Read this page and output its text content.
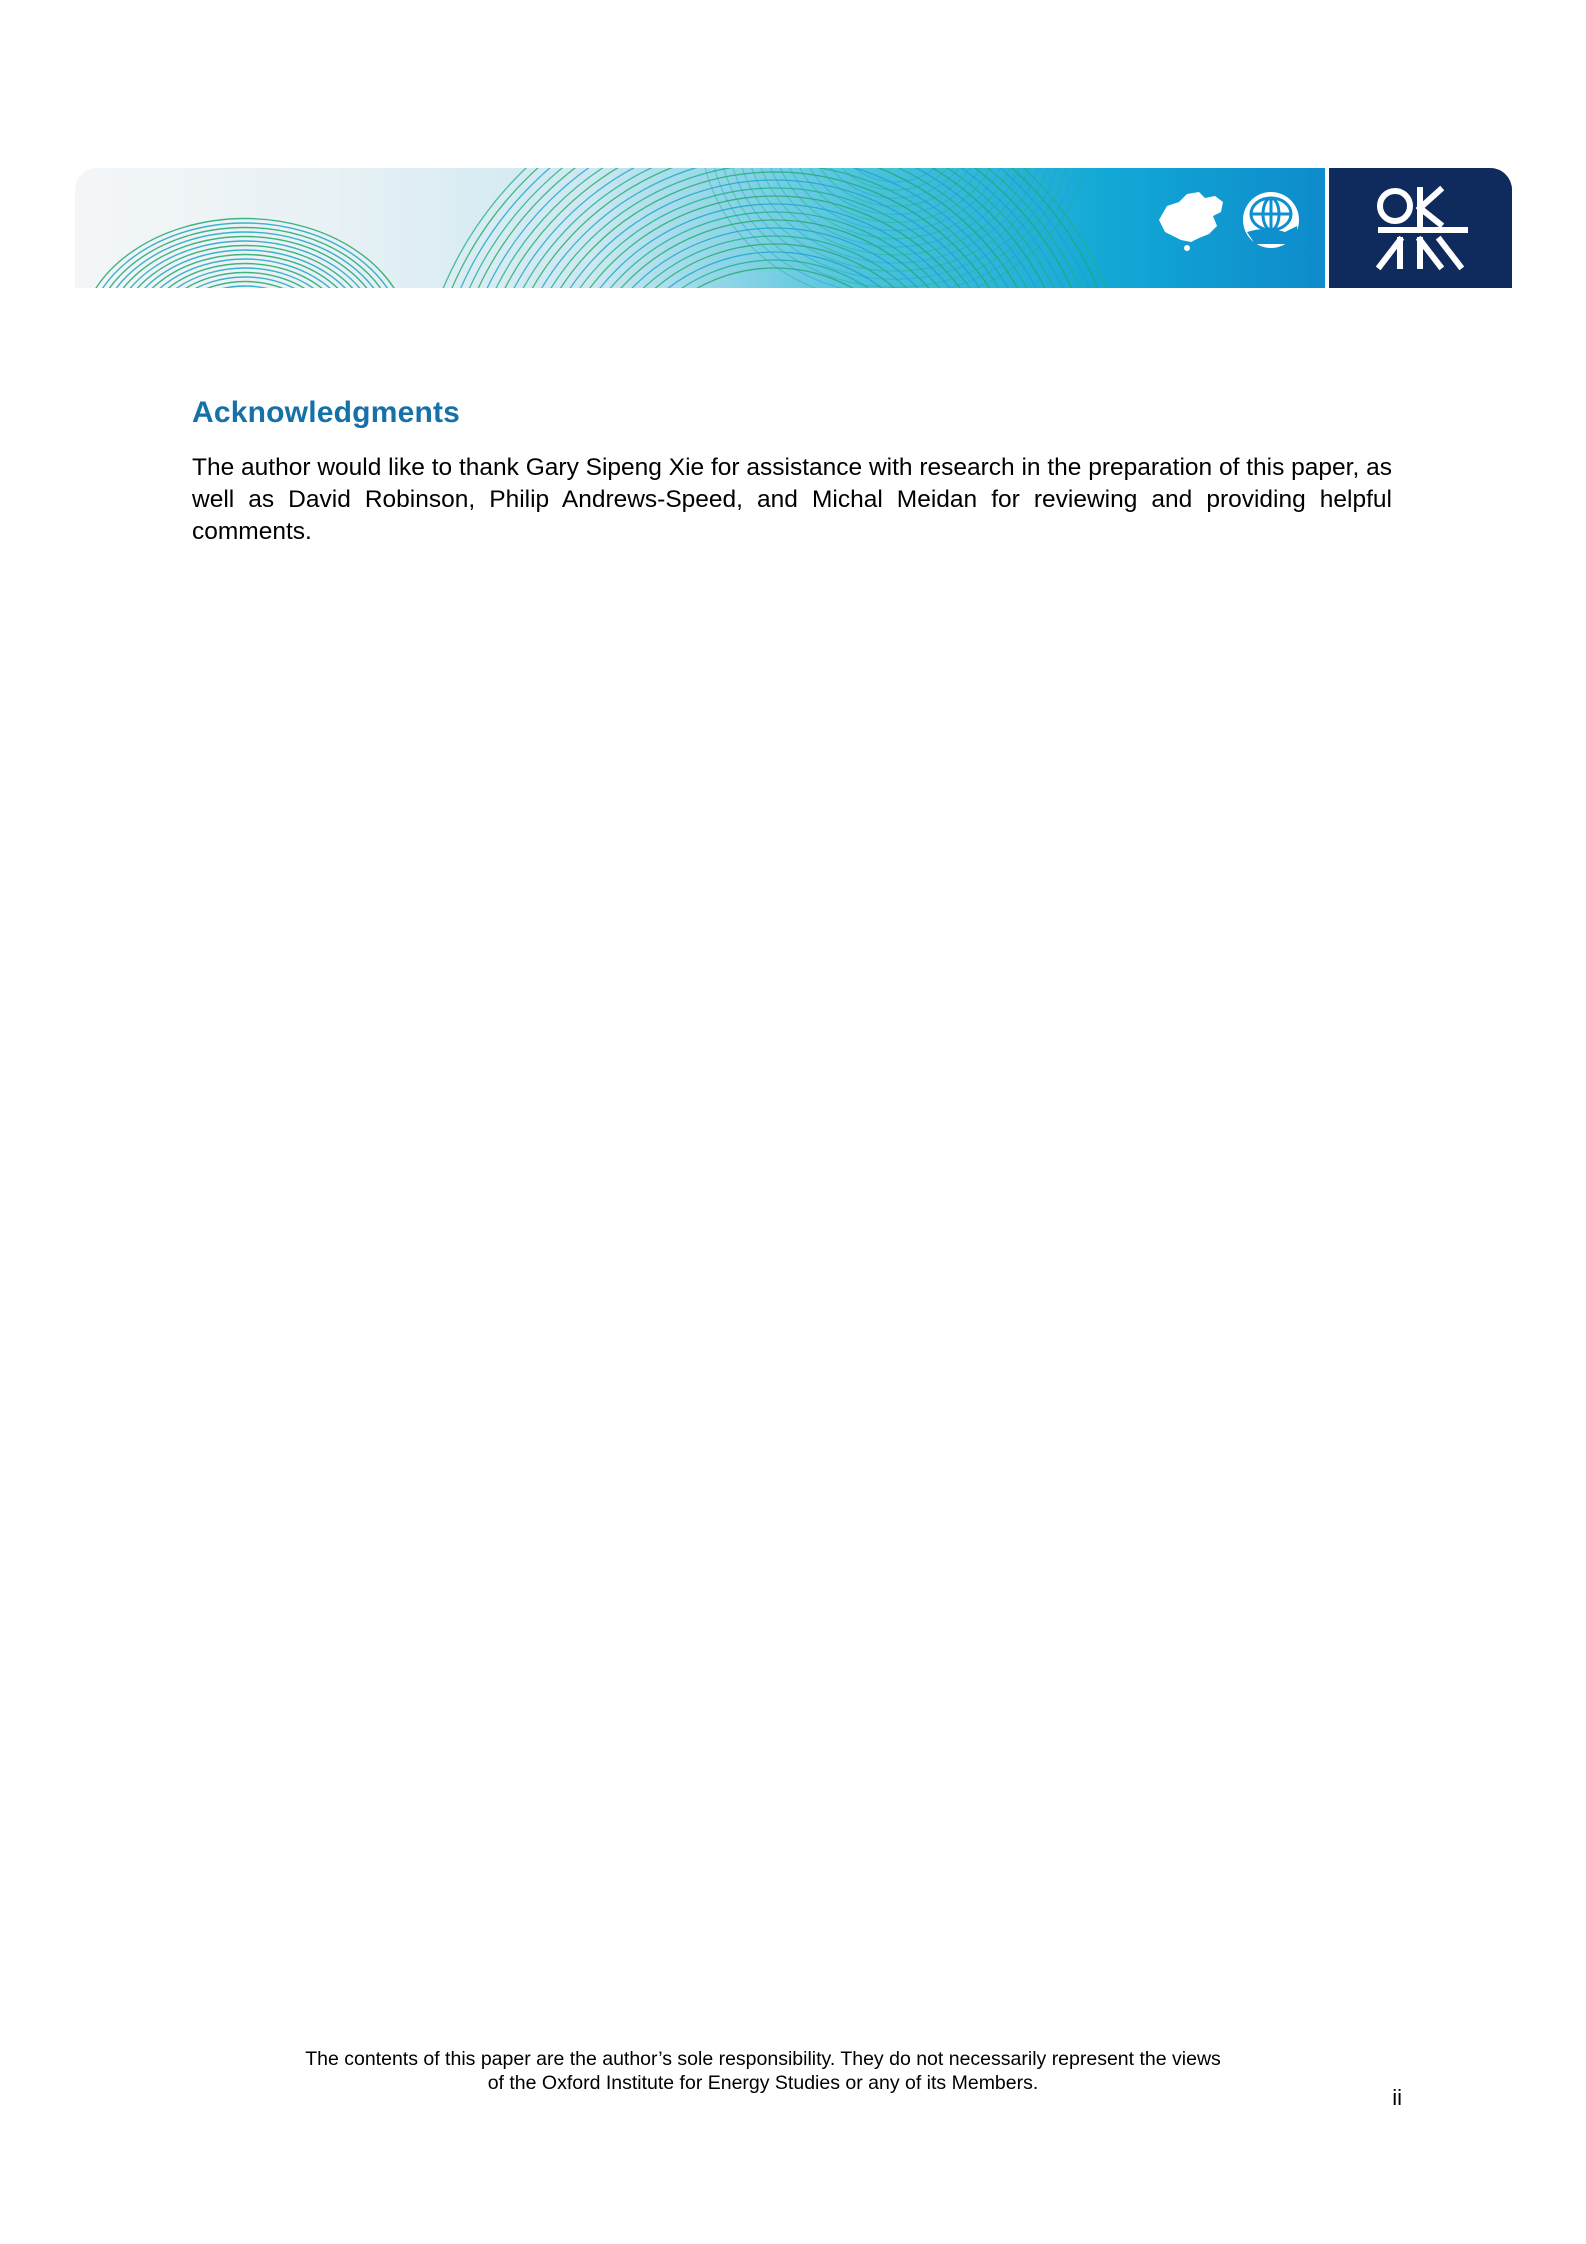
Acknowledgments

The author would like to thank Gary Sipeng Xie for assistance with research in the preparation of this paper, as well as David Robinson, Philip Andrews-Speed, and Michal Meidan for reviewing and providing helpful comments.

The contents of this paper are the author’s sole responsibility. They do not necessarily represent the views
of the Oxford Institute for Energy Studies or any of its Members.
ii
